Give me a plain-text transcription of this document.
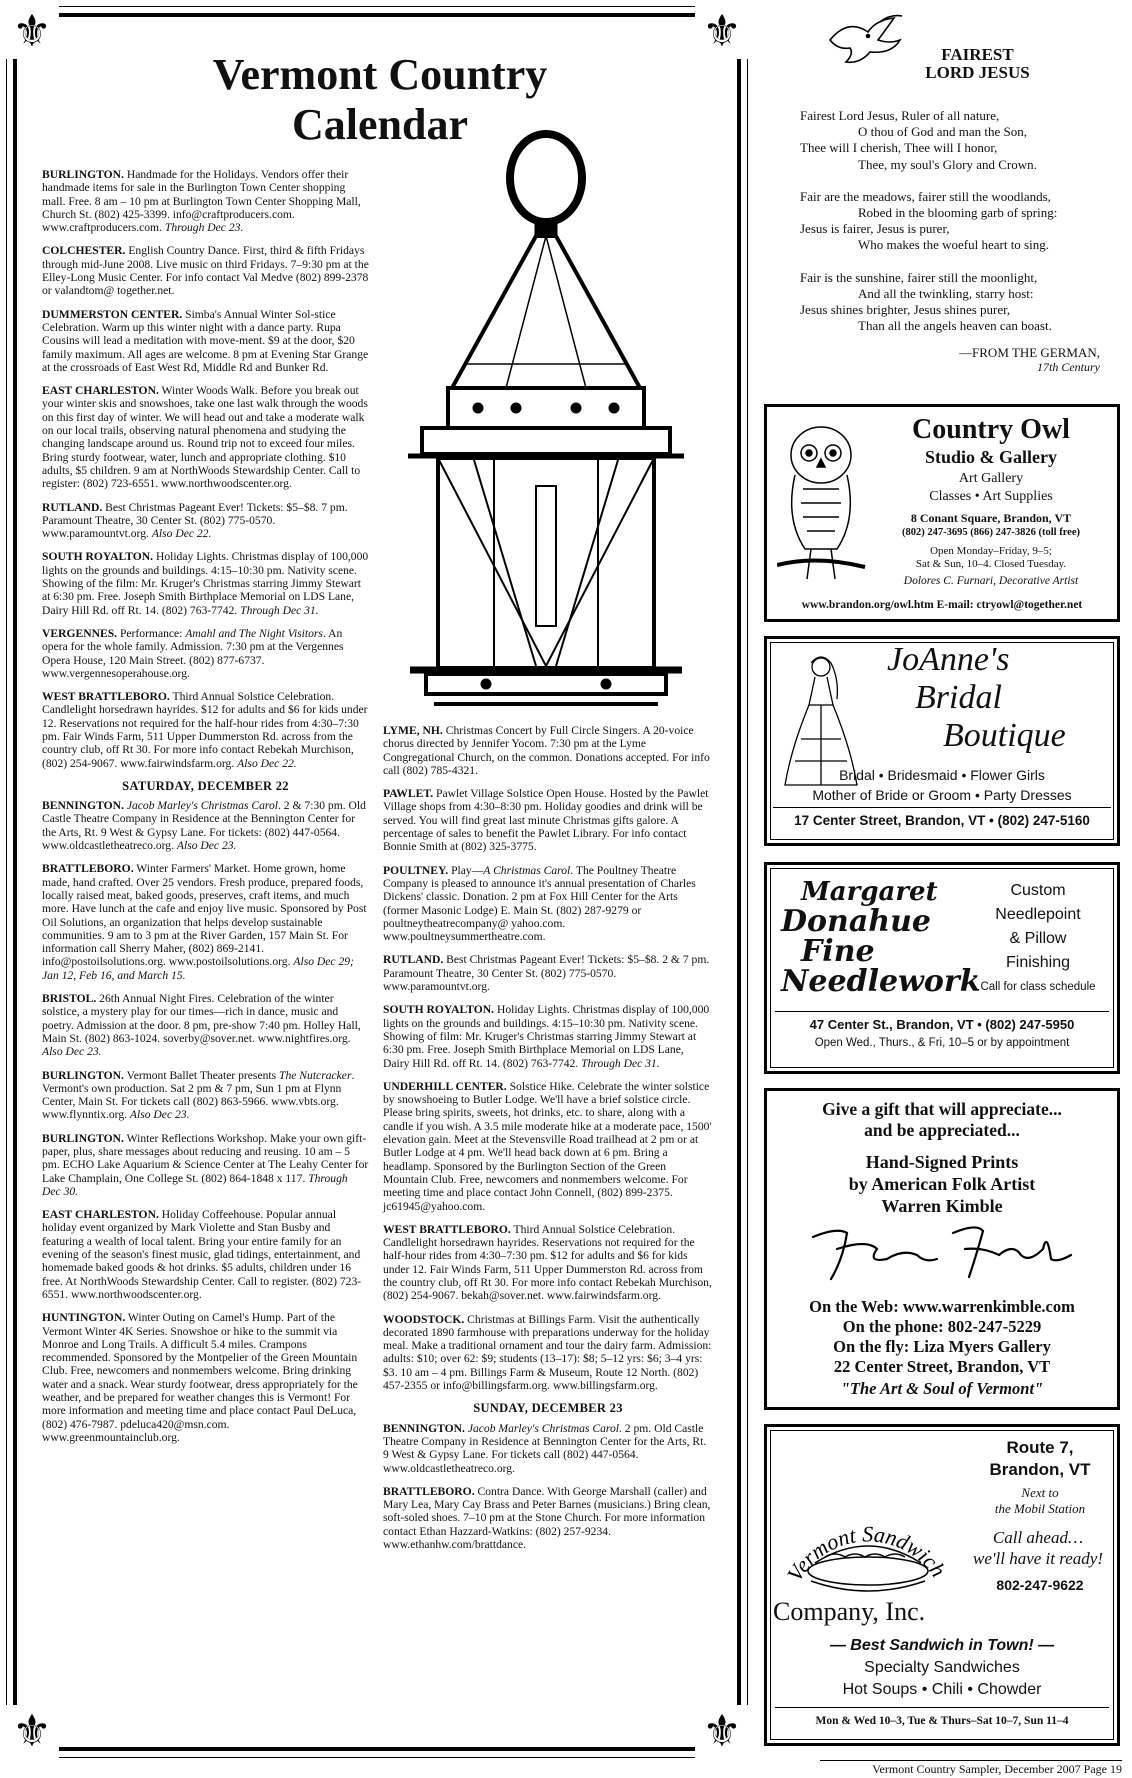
⚜	⚜
⚜	⚜
Vermont Country
Calendar
BURLINGTON. Handmade for the Holidays. Vendors offer their handmade items for sale in the Burlington Town Center shopping mall. Free. 8 am – 10 pm at Burlington Town Center Shopping Mall, Church St. (802) 425-3399. info@craftproducers.com. www.craftproducers.com. Through Dec 23.
COLCHESTER. English Country Dance. First, third & fifth Fridays through mid-June 2008. Live music on third Fridays. 7–9:30 pm at the Elley-Long Music Center. For info contact Val Medve (802) 899-2378 or valandtom@ together.net.
DUMMERSTON CENTER. Simba's Annual Winter Sol-stice Celebration. Warm up this winter night with a dance party. Rupa Cousins will lead a meditation with move-ment. $9 at the door, $20 family maximum. All ages are welcome. 8 pm at Evening Star Grange at the crossroads of East West Rd, Middle Rd and Bunker Rd.
EAST CHARLESTON. Winter Woods Walk. Before you break out your winter skis and snowshoes, take one last walk through the woods on this first day of winter. We will head out and take a moderate walk on our local trails, observing natural phenomena and studying the changing landscape around us. Round trip not to exceed four miles. Bring sturdy footwear, water, lunch and appropriate clothing. $10 adults, $5 children. 9 am at NorthWoods Stewardship Center. Call to register: (802) 723-6551. www.northwoodscenter.org.
RUTLAND. Best Christmas Pageant Ever! Tickets: $5–$8. 7 pm. Paramount Theatre, 30 Center St. (802) 775-0570. www.paramountvt.org. Also Dec 22.
SOUTH ROYALTON. Holiday Lights. Christmas display of 100,000 lights on the grounds and buildings. 4:15–10:30 pm. Nativity scene. Showing of the film: Mr. Kruger's Christmas starring Jimmy Stewart at 6:30 pm. Free. Joseph Smith Birthplace Memorial on LDS Lane, Dairy Hill Rd. off Rt. 14. (802) 763-7742. Through Dec 31.
VERGENNES. Performance: Amahl and The Night Visitors. An opera for the whole family. Admission. 7:30 pm at the Vergennes Opera House, 120 Main Street. (802) 877-6737. www.vergennesoperahouse.org.
WEST BRATTLEBORO. Third Annual Solstice Celebration. Candlelight horsedrawn hayrides. $12 for adults and $6 for kids under 12. Reservations not required for the half-hour rides from 4:30–7:30 pm. Fair Winds Farm, 511 Upper Dummerston Rd. across from the country club, off Rt 30. For more info contact Rebekah Murchison, (802) 254-9067. www.fairwindsfarm.org. Also Dec 22.
SATURDAY, DECEMBER 22
BENNINGTON. Jacob Marley's Christmas Carol. 2 & 7:30 pm. Old Castle Theatre Company in Residence at the Bennington Center for the Arts, Rt. 9 West & Gypsy Lane. For tickets: (802) 447-0564. www.oldcastletheatreco.org. Also Dec 23.
BRATTLEBORO. Winter Farmers' Market. Home grown, home made, hand crafted. Over 25 vendors. Fresh produce, prepared foods, locally raised meat, baked goods, preserves, craft items, and much more. Have lunch at the cafe and enjoy live music. Sponsored by Post Oil Solutions, an organization that helps develop sustainable communities. 9 am to 3 pm at the River Garden, 157 Main St. For information call Sherry Maher, (802) 869-2141. info@postoilsolutions.org. www.postoilsolutions.org. Also Dec 29; Jan 12, Feb 16, and March 15.
BRISTOL. 26th Annual Night Fires. Celebration of the winter solstice, a mystery play for our times—rich in dance, music and poetry. Admission at the door. 8 pm, pre-show 7:40 pm. Holley Hall, Main St. (802) 863-1024. soverby@sover.net. www.nightfires.org. Also Dec 23.
BURLINGTON. Vermont Ballet Theater presents The Nutcracker. Vermont's own production. Sat 2 pm & 7 pm, Sun 1 pm at Flynn Center, Main St. For tickets call (802) 863-5966. www.vbts.org. www.flynntix.org. Also Dec 23.
BURLINGTON. Winter Reflections Workshop. Make your own gift-paper, plus, share messages about reducing and reusing. 10 am – 5 pm. ECHO Lake Aquarium & Science Center at The Leahy Center for Lake Champlain, One College St. (802) 864-1848 x 117. Through Dec 30.
EAST CHARLESTON. Holiday Coffeehouse. Popular annual holiday event organized by Mark Violette and Stan Busby and featuring a wealth of local talent. Bring your entire family for an evening of the season's finest music, glad tidings, entertainment, and homemade baked goods & hot drinks. $5 adults, children under 16 free. At NorthWoods Stewardship Center. Call to register. (802) 723-6551. www.northwoodscenter.org.
HUNTINGTON. Winter Outing on Camel's Hump. Part of the Vermont Winter 4K Series. Snowshoe or hike to the summit via Monroe and Long Trails. A difficult 5.4 miles. Crampons recommended. Sponsored by the Montpelier of the Green Mountain Club. Free, newcomers and nonmembers welcome. Bring drinking water and a snack. Wear sturdy footwear, dress appropriately for the weather, and be prepared for weather changes this is Vermont! For more information and meeting time and place contact Paul DeLuca, (802) 476-7987. pdeluca420@msn.com. www.greenmountainclub.org.
LYME, NH. Christmas Concert by Full Circle Singers. A 20-voice chorus directed by Jennifer Yocom. 7:30 pm at the Lyme Congregational Church, on the common. Donations accepted. For info call (802) 785-4321.
PAWLET. Pawlet Village Solstice Open House. Hosted by the Pawlet Village shops from 4:30–8:30 pm. Holiday goodies and drink will be served. You will find great last minute Christmas gifts galore. A percentage of sales to benefit the Pawlet Library. For info contact Bonnie Smith at (802) 325-3775.
POULTNEY. Play—A Christmas Carol. The Poultney Theatre Company is pleased to announce it's annual presentation of Charles Dickens' classic. Donation. 2 pm at Fox Hill Center for the Arts (former Masonic Lodge) E. Main St. (802) 287-9279 or poultneytheatrecompany@ yahoo.com. www.poultneysummertheatre.com.
RUTLAND. Best Christmas Pageant Ever! Tickets: $5–$8. 2 & 7 pm. Paramount Theatre, 30 Center St. (802) 775-0570. www.paramountvt.org.
SOUTH ROYALTON. Holiday Lights. Christmas display of 100,000 lights on the grounds and buildings. 4:15–10:30 pm. Nativity scene. Showing of film: Mr. Kruger's Christmas starring Jimmy Stewart at 6:30 pm. Free. Joseph Smith Birthplace Memorial on LDS Lane, Dairy Hill Rd. off Rt. 14. (802) 763-7742. Through Dec 31.
UNDERHILL CENTER. Solstice Hike. Celebrate the winter solstice by snowshoeing to Butler Lodge. We'll have a brief solstice circle. Please bring spirits, sweets, hot drinks, etc. to share, along with a candle if you wish. A 3.5 mile moderate hike at a moderate pace, 1500' elevation gain. Meet at the Stevensville Road trailhead at 2 pm or at Butler Lodge at 4 pm. We'll head back down at 6 pm. Bring a headlamp. Sponsored by the Burlington Section of the Green Mountain Club. Free, newcomers and nonmembers welcome. For meeting time and place contact John Connell, (802) 899-2375. jc61945@yahoo.com.
WEST BRATTLEBORO. Third Annual Solstice Celebration. Candlelight horsedrawn hayrides. Reservations not required for the half-hour rides from 4:30–7:30 pm. $12 for adults and $6 for kids under 12. Fair Winds Farm, 511 Upper Dummerston Rd. across from the country club, off Rt 30. For more info contact Rebekah Murchison, (802) 254-9067. bekah@sover.net. www.fairwindsfarm.org.
WOODSTOCK. Christmas at Billings Farm. Visit the authentically decorated 1890 farmhouse with preparations underway for the holiday meal. Make a traditional ornament and tour the dairy farm. Admission: adults: $10; over 62: $9; students (13–17): $8; 5–12 yrs: $6; 3–4 yrs: $3. 10 am – 4 pm. Billings Farm & Museum, Route 12 North. (802) 457-2355 or info@billingsfarm.org. www.billingsfarm.org.
SUNDAY, DECEMBER 23
BENNINGTON. Jacob Marley's Christmas Carol. 2 pm. Old Castle Theatre Company in Residence at Bennington Center for the Arts, Rt. 9 West & Gypsy Lane. For tickets call (802) 447-0564. www.oldcastletheatreco.org.
BRATTLEBORO. Contra Dance. With George Marshall (caller) and Mary Lea, Mary Cay Brass and Peter Barnes (musicians.) Bring clean, soft-soled shoes. 7–10 pm at the Stone Church. For more information contact Ethan Hazzard-Watkins: (802) 257-9234. www.ethanhw.com/brattdance.
FAIREST
LORD JESUS

Fairest Lord Jesus, Ruler of all nature,
O thou of God and man the Son,
Thee will I cherish, Thee will I honor,
Thee, my soul's Glory and Crown.

Fair are the meadows, fairer still the woodlands,
Robed in the blooming garb of spring:
Jesus is fairer, Jesus is purer,
Who makes the woeful heart to sing.

Fair is the sunshine, fairer still the moonlight,
And all the twinkling, starry host:
Jesus shines brighter, Jesus shines purer,
Than all the angels heaven can boast.

—FROM THE GERMAN,
17th Century
Country Owl
Studio & Gallery
Art Gallery
Classes • Art Supplies
8 Conant Square, Brandon, VT
(802) 247-3695 (866) 247-3826 (toll free)
Open Monday–Friday, 9–5;
Sat & Sun, 10–4. Closed Tuesday.
Dolores C. Furnari, Decorative Artist
www.brandon.org/owl.htm E-mail: ctryowl@together.net
JoAnne's
Bridal
Boutique
Bridal • Bridesmaid • Flower Girls
Mother of Bride or Groom • Party Dresses
17 Center Street, Brandon, VT • (802) 247-5160
Margaret
Donahue
Fine
Needlework
Custom
Needlepoint
& Pillow
Finishing
Call for class schedule
47 Center St., Brandon, VT • (802) 247-5950
Open Wed., Thurs., & Fri, 10–5 or by appointment
Give a gift that will appreciate...
and be appreciated...
Hand-Signed Prints
by American Folk Artist
Warren Kimble
On the Web: www.warrenkimble.com
On the phone: 802-247-5229
On the fly: Liza Myers Gallery
22 Center Street, Brandon, VT
"The Art & Soul of Vermont"
Vermont Sandwich
Company, Inc.
Route 7,
Brandon, VT
Next to
the Mobil Station
Call ahead…
we'll have it ready!
802-247-9622
— Best Sandwich in Town! —
Specialty Sandwiches
Hot Soups • Chili • Chowder
Mon & Wed 10–3, Tue & Thurs–Sat 10–7, Sun 11–4
Vermont Country Sampler, December 2007 Page 19
